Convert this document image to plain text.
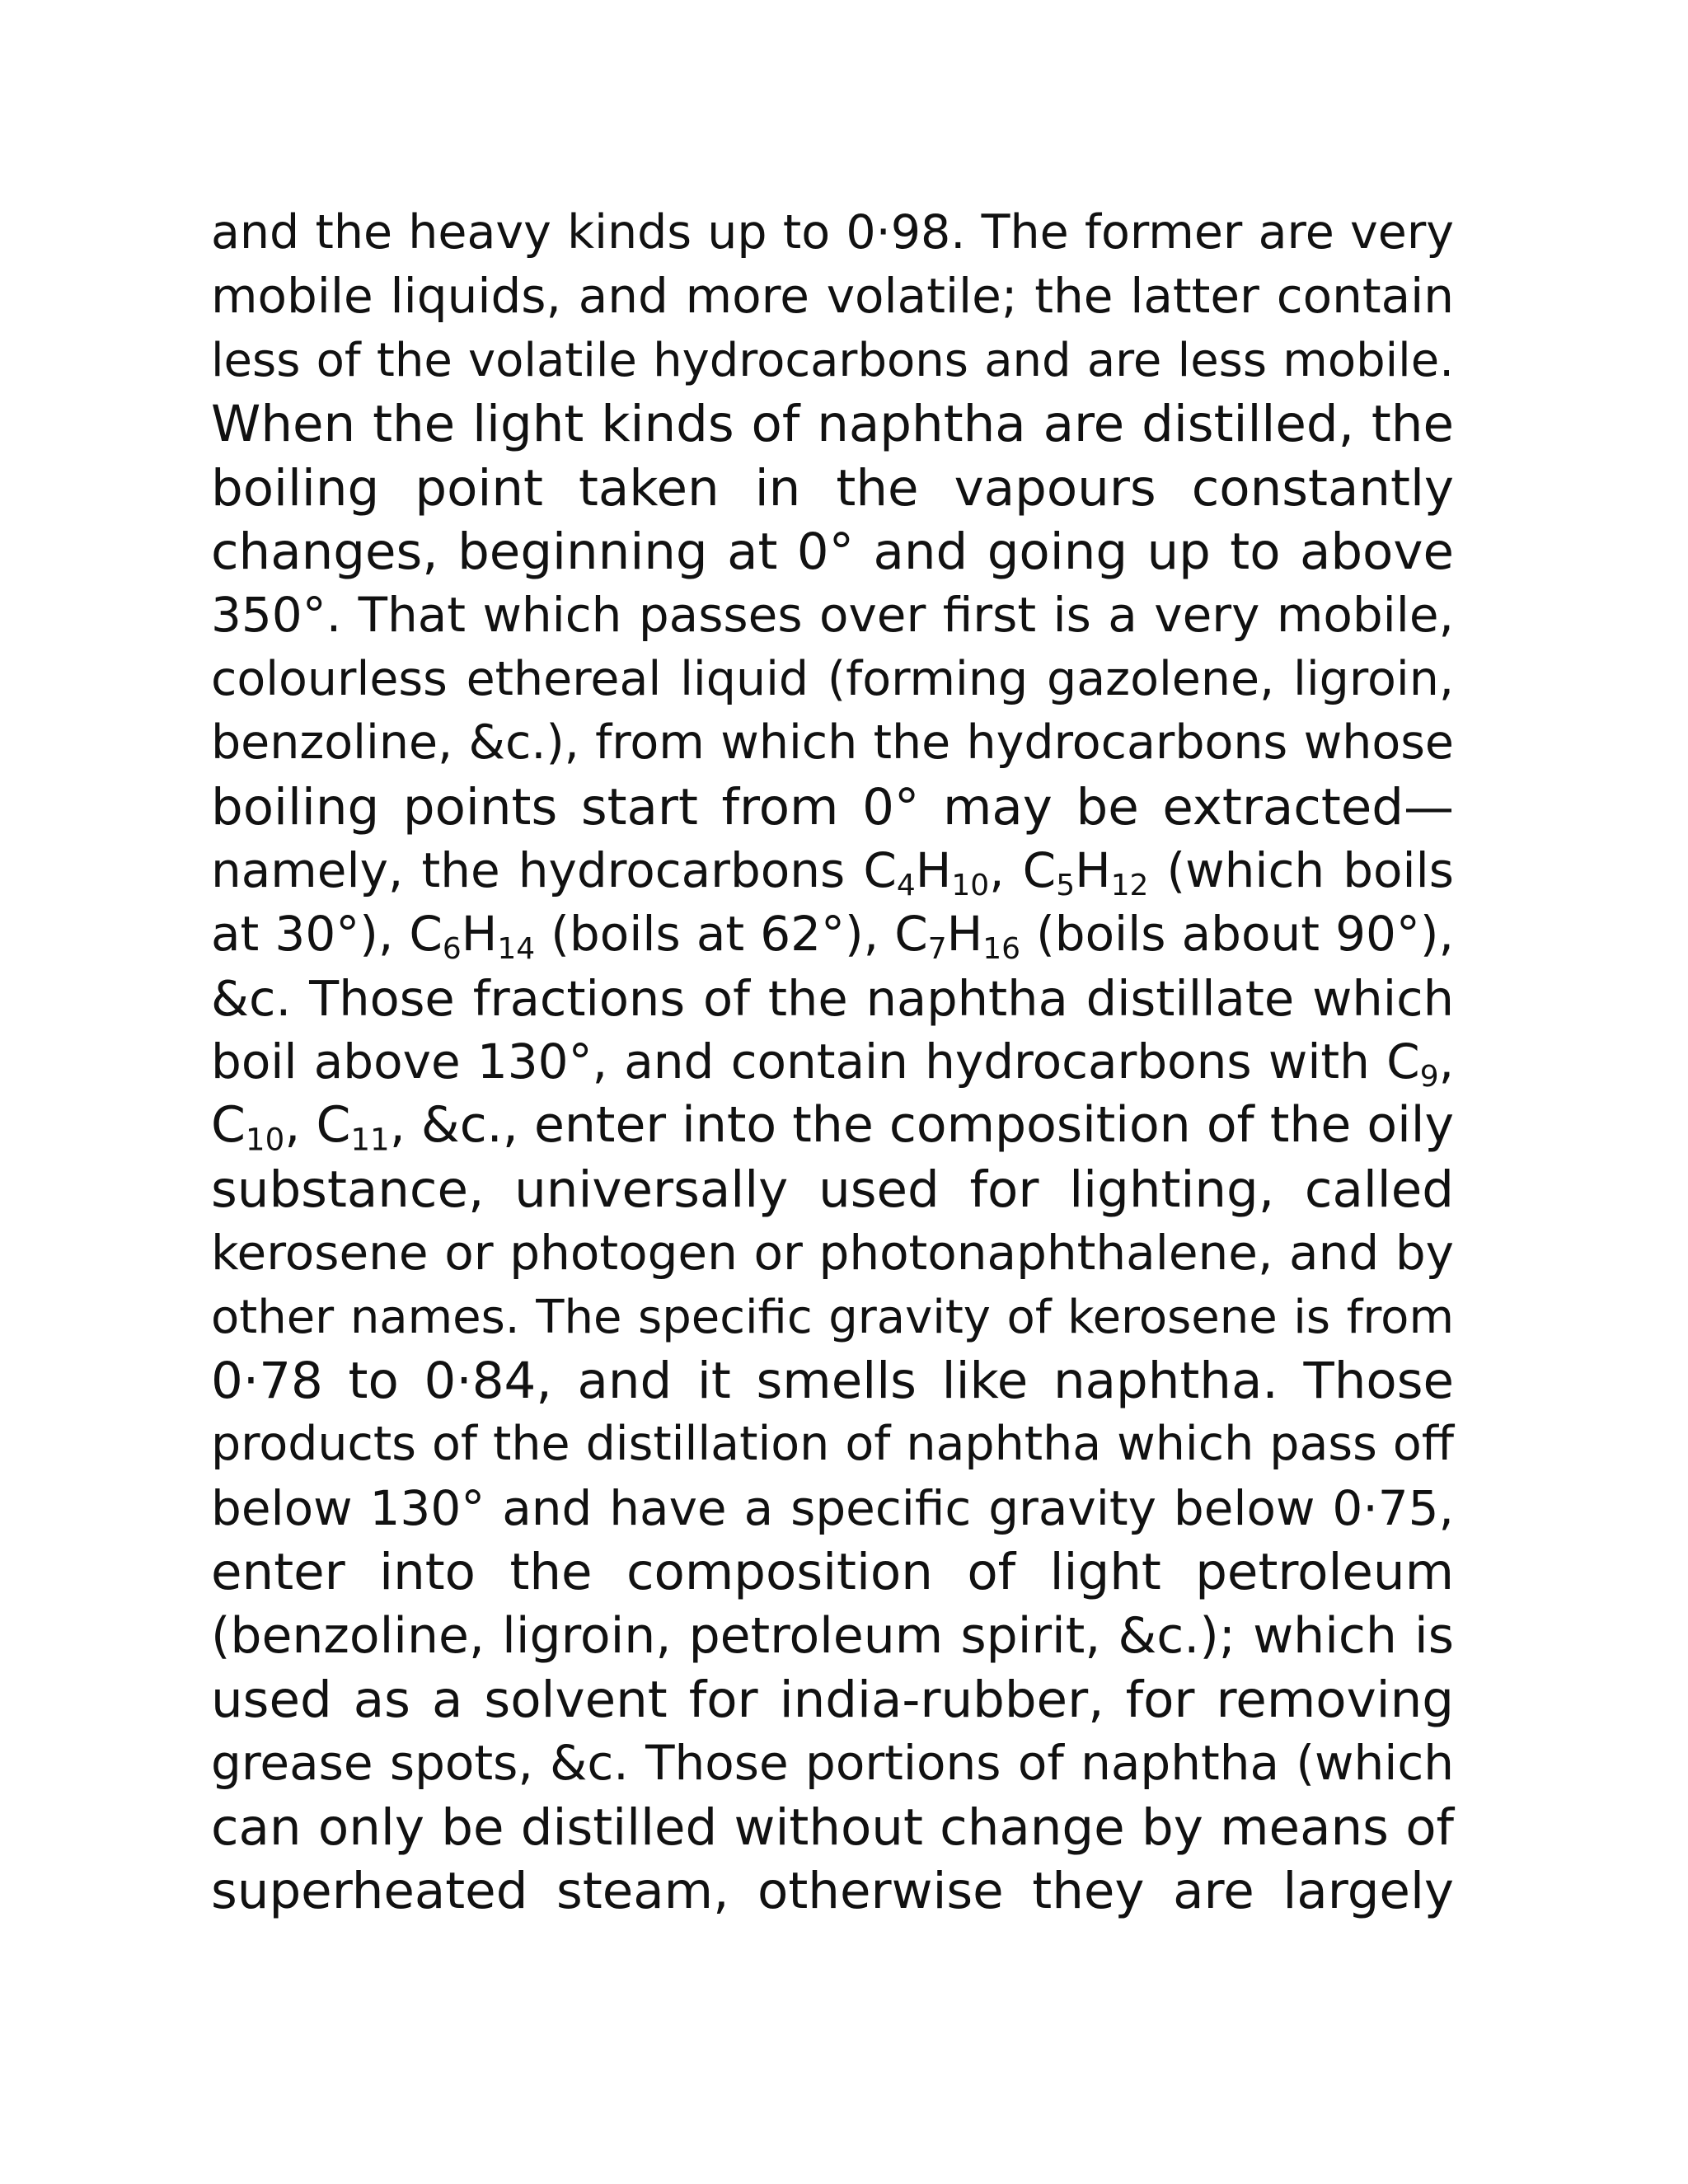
and the heavy kinds up to 0·98. The former are very
mobile liquids, and more volatile; the latter contain
less of the volatile hydrocarbons and are less mobile.
When the light kinds of naphtha are distilled, the
boiling point taken in the vapours constantly
changes, beginning at 0° and going up to above
350°. That which passes over first is a very mobile,
colourless ethereal liquid (forming gazolene, ligroin,
benzoline, &c.), from which the hydrocarbons whose
boiling points start from 0° may be extracted—
namely, the hydrocarbons $C_4H_{10}$, $C_5H_{12}$ (which boils
at 30°), $C_6H_{14}$ (boils at 62°), $C_7H_{16}$ (boils about 90°),
&c. Those fractions of the naphtha distillate which
boil above 130°, and contain hydrocarbons with $C_9$,
$C_{10}$, $C_{11}$, &c., enter into the composition of the oily
substance, universally used for lighting, called
kerosene or photogen or photonaphthalene, and by
other names. The specific gravity of kerosene is from
0·78 to 0·84, and it smells like naphtha. Those
products of the distillation of naphtha which pass off
below 130° and have a specific gravity below 0·75,
enter into the composition of light petroleum
(benzoline, ligroin, petroleum spirit, &c.); which is
used as a solvent for india-rubber, for removing
grease spots, &c. Those portions of naphtha (which
can only be distilled without change by means of
superheated steam, otherwise they are largely
